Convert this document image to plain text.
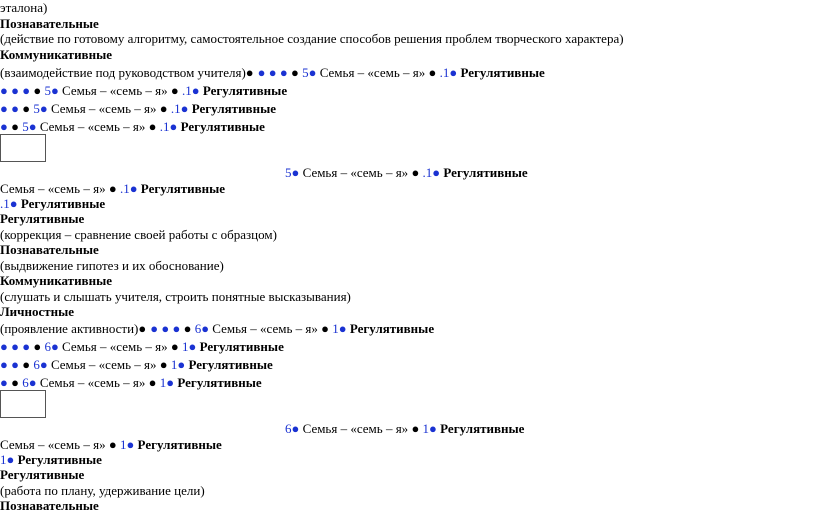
эталона)
Познавательные
(действие по готовому алгоритму, самостоятельное создание способов решения проблем творческого характера)
Коммуникативные
(взаимодействие под руководством учителя)● ● ● ● ● 5● Семья – «семь – я» ● .1● Регулятивные
● ● ● ● 5● Семья – «семь – я» ● .1● Регулятивные
● ● ● 5● Семья – «семь – я» ● .1● Регулятивные
● ● 5● Семья – «семь – я» ● .1● Регулятивные
5● Семья – «семь – я» ● .1● Регулятивные
Семья – «семь – я» ● .1● Регулятивные
.1● Регулятивные
Регулятивные
(коррекция – сравнение своей работы с образцом)
Познавательные
(выдвижение гипотез и их обоснование)
Коммуникативные
(слушать и слышать учителя, строить понятные высказывания)
Личностные
(проявление активности)● ● ● ● ● 6● Семья – «семь – я» ● 1● Регулятивные
● ● ● ● 6● Семья – «семь – я» ● 1● Регулятивные
● ● ● 6● Семья – «семь – я» ● 1● Регулятивные
● ● 6● Семья – «семь – я» ● 1● Регулятивные
6● Семья – «семь – я» ● 1● Регулятивные
Семья – «семь – я» ● 1● Регулятивные
1● Регулятивные
Регулятивные
(работа по плану, удерживание цели)
Познавательные
